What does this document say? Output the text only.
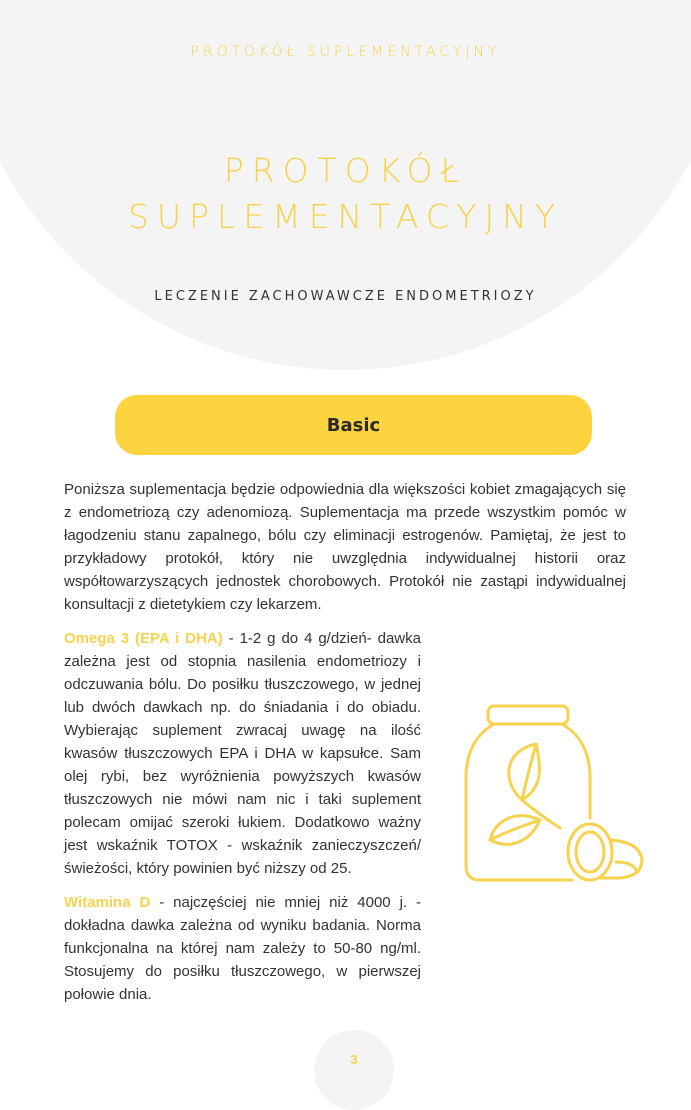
PROTOKÓŁ SUPLEMENTACYJNY
PROTOKÓŁ
SUPLEMENTACYJNY
LECZENIE ZACHOWAWCZE ENDOMETRIOZY
Basic

Poniższa suplementacja będzie odpowiednia dla większości kobiet zmagających się z endometriozą czy adenomiozą. Suplementacja ma przede wszystkim pomóc w łagodzeniu stanu zapalnego, bólu czy eliminacji estrogenów. Pamiętaj, że jest to przykładowy protokół, który nie uwzględnia indywidualnej historii oraz współtowarzyszących jednostek chorobowych. Protokół nie zastąpi indywidualnej konsultacji z dietetykiem czy lekarzem.

Omega 3 (EPA i DHA) - 1-2 g do 4 g/dzień- dawka zależna jest od stopnia nasilenia endometriozy i odczuwania bólu. Do posiłku tłuszczowego, w jednej lub dwóch dawkach np. do śniadania i do obiadu. Wybierając suplement zwracaj uwagę na ilość kwasów tłuszczowych EPA i DHA w kapsułce. Sam olej rybi, bez wyróżnienia powyższych kwasów tłuszczowych nie mówi nam nic i taki suplement polecam omijać szeroki łukiem. Dodatkowo ważny jest wskaźnik TOTOX - wskaźnik zanieczyszczeń/świeżości, który powinien być niższy od 25.

Witamina D - najczęściej nie mniej niż 4000 j. - dokładna dawka zależna od wyniku badania. Norma funkcjonalna na której nam zależy to 50-80 ng/ml. Stosujemy do posiłku tłuszczowego, w pierwszej połowie dnia.

3
